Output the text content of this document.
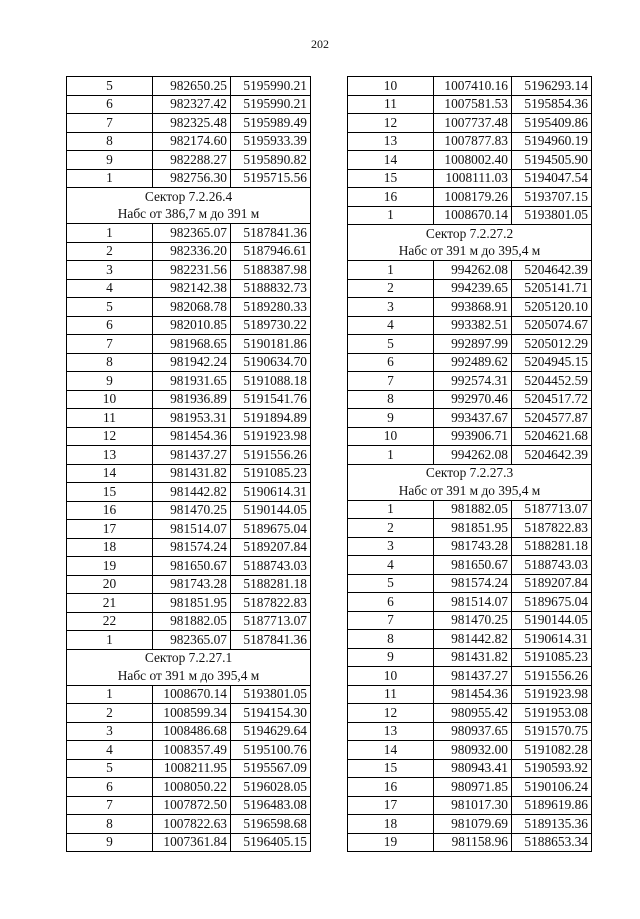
202
5	982650.25	5195990.21
6	982327.42	5195990.21
7	982325.48	5195989.49
8	982174.60	5195933.39
9	982288.27	5195890.82
1	982756.30	5195715.56
Сектор 7.2.26.4		
Набс от 386,7 м до 391 м		
1	982365.07	5187841.36
2	982336.20	5187946.61
3	982231.56	5188387.98
4	982142.38	5188832.73
5	982068.78	5189280.33
6	982010.85	5189730.22
7	981968.65	5190181.86
8	981942.24	5190634.70
9	981931.65	5191088.18
10	981936.89	5191541.76
11	981953.31	5191894.89
12	981454.36	5191923.98
13	981437.27	5191556.26
14	981431.82	5191085.23
15	981442.82	5190614.31
16	981470.25	5190144.05
17	981514.07	5189675.04
18	981574.24	5189207.84
19	981650.67	5188743.03
20	981743.28	5188281.18
21	981851.95	5187822.83
22	981882.05	5187713.07
1	982365.07	5187841.36
Сектор 7.2.27.1		
Набс от 391 м до 395,4 м		
1	1008670.14	5193801.05
2	1008599.34	5194154.30
3	1008486.68	5194629.64
4	1008357.49	5195100.76
5	1008211.95	5195567.09
6	1008050.22	5196028.05
7	1007872.50	5196483.08
8	1007822.63	5196598.68
9	1007361.84	5196405.15
10	1007410.16	5196293.14
11	1007581.53	5195854.36
12	1007737.48	5195409.86
13	1007877.83	5194960.19
14	1008002.40	5194505.90
15	1008111.03	5194047.54
16	1008179.26	5193707.15
1	1008670.14	5193801.05
Сектор 7.2.27.2		
Набс от 391 м до 395,4 м		
1	994262.08	5204642.39
2	994239.65	5205141.71
3	993868.91	5205120.10
4	993382.51	5205074.67
5	992897.99	5205012.29
6	992489.62	5204945.15
7	992574.31	5204452.59
8	992970.46	5204517.72
9	993437.67	5204577.87
10	993906.71	5204621.68
1	994262.08	5204642.39
Сектор 7.2.27.3		
Набс от 391 м до 395,4 м		
1	981882.05	5187713.07
2	981851.95	5187822.83
3	981743.28	5188281.18
4	981650.67	5188743.03
5	981574.24	5189207.84
6	981514.07	5189675.04
7	981470.25	5190144.05
8	981442.82	5190614.31
9	981431.82	5191085.23
10	981437.27	5191556.26
11	981454.36	5191923.98
12	980955.42	5191953.08
13	980937.65	5191570.75
14	980932.00	5191082.28
15	980943.41	5190593.92
16	980971.85	5190106.24
17	981017.30	5189619.86
18	981079.69	5189135.36
19	981158.96	5188653.34
